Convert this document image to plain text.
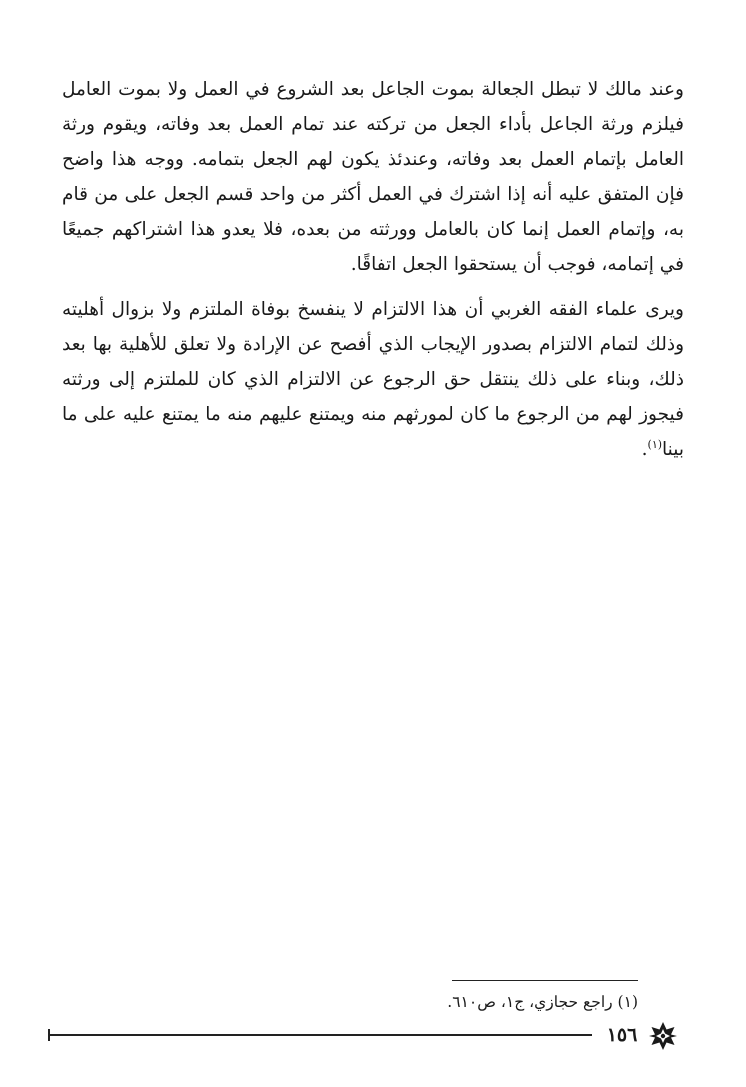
وعند مالك لا تبطل الجعالة بموت الجاعل بعد الشروع في العمل ولا بموت العامل فيلزم ورثة الجاعل بأداء الجعل من تركته عند تمام العمل بعد وفاته، ويقوم ورثة العامل بإتمام العمل بعد وفاته، وعندئذ يكون لهم الجعل بتمامه. ووجه هذا واضح فإن المتفق عليه أنه إذا اشترك في العمل أكثر من واحد قسم الجعل على من قام به، وإتمام العمل إنما كان بالعامل وورثته من بعده، فلا يعدو هذا اشتراكهم جميعًا في إتمامه، فوجب أن يستحقوا الجعل اتفاقًا.

ويرى علماء الفقه الغربي أن هذا الالتزام لا ينفسخ بوفاة الملتزم ولا بزوال أهليته وذلك لتمام الالتزام بصدور الإيجاب الذي أفصح عن الإرادة ولا تعلق للأهلية بها بعد ذلك، وبناء على ذلك ينتقل حق الرجوع عن الالتزام الذي كان للملتزم إلى ورثته فيجوز لهم من الرجوع ما كان لمورثهم منه ويمتنع عليهم منه ما يمتنع عليه على ما بينا$^{(١)}$.

(١) راجع حجازي، ج١، ص٦١٠.

١٥٦
